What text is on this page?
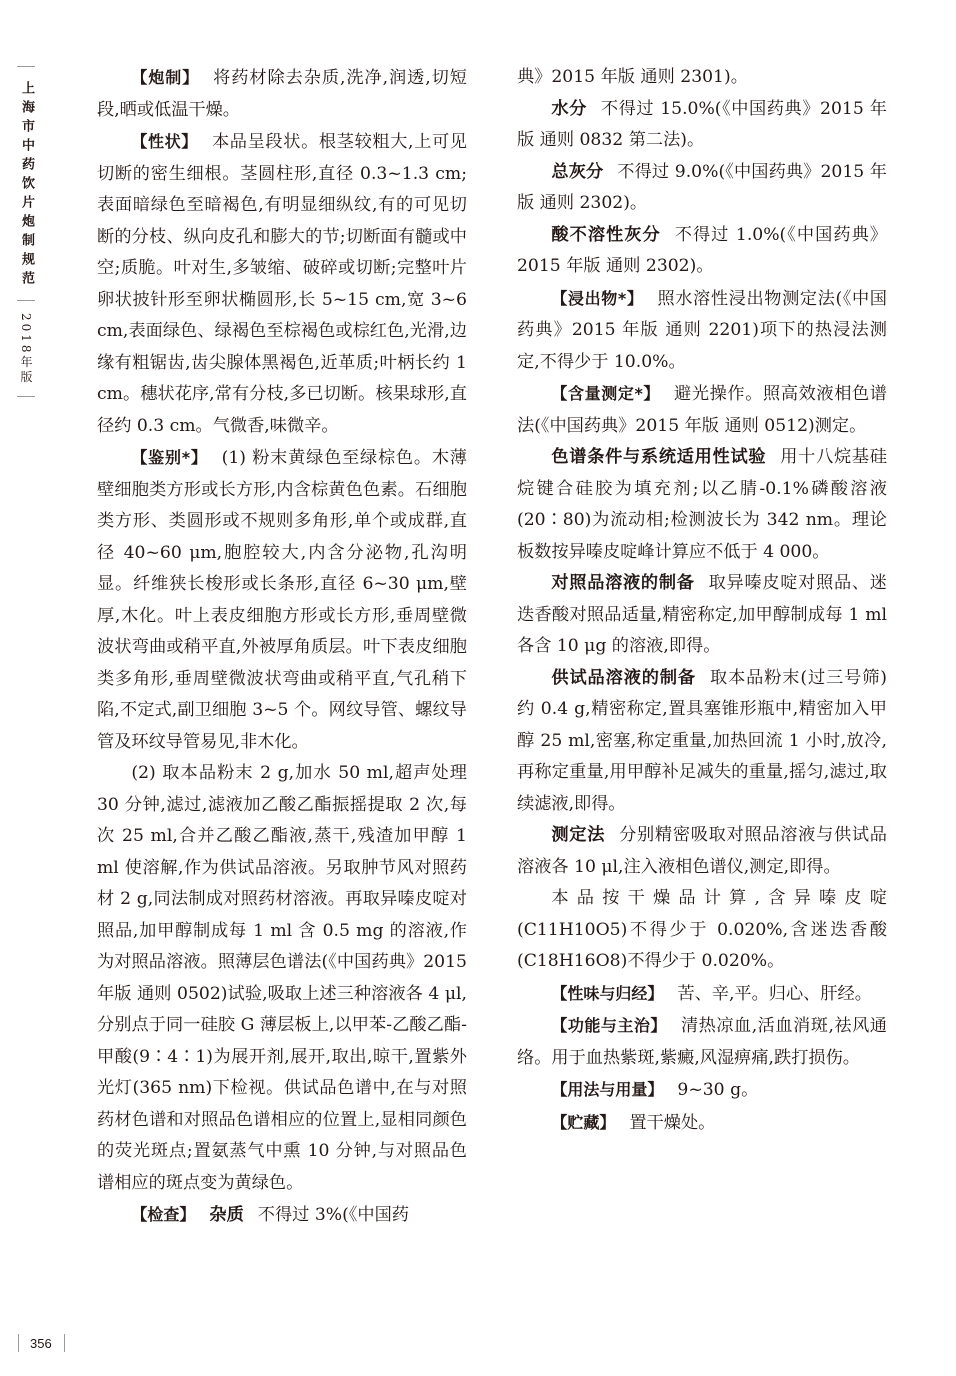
上海市中药饮片炮制规范
2018年版

【炮制】 将药材除去杂质,洗净,润透,切短段,晒或低温干燥。

【性状】 本品呈段状。根茎较粗大,上可见切断的密生细根。茎圆柱形,直径 0.3~1.3 cm;表面暗绿色至暗褐色,有明显细纵纹,有的可见切断的分枝、纵向皮孔和膨大的节;切断面有髓或中空;质脆。叶对生,多皱缩、破碎或切断;完整叶片卵状披针形至卵状椭圆形,长 5~15 cm,宽 3~6 cm,表面绿色、绿褐色至棕褐色或棕红色,光滑,边缘有粗锯齿,齿尖腺体黑褐色,近革质;叶柄长约 1 cm。穗状花序,常有分枝,多已切断。核果球形,直径约 0.3 cm。气微香,味微辛。

【鉴别*】 (1) 粉末黄绿色至绿棕色。木薄壁细胞类方形或长方形,内含棕黄色色素。石细胞类方形、类圆形或不规则多角形,单个或成群,直径 40~60 μm,胞腔较大,内含分泌物,孔沟明显。纤维狭长梭形或长条形,直径 6~30 μm,壁厚,木化。叶上表皮细胞方形或长方形,垂周壁微波状弯曲或稍平直,外被厚角质层。叶下表皮细胞类多角形,垂周壁微波状弯曲或稍平直,气孔稍下陷,不定式,副卫细胞 3~5 个。网纹导管、螺纹导管及环纹导管易见,非木化。

(2) 取本品粉末 2 g,加水 50 ml,超声处理 30 分钟,滤过,滤液加乙酸乙酯振摇提取 2 次,每次 25 ml,合并乙酸乙酯液,蒸干,残渣加甲醇 1 ml 使溶解,作为供试品溶液。另取肿节风对照药材 2 g,同法制成对照药材溶液。再取异嗪皮啶对照品,加甲醇制成每 1 ml 含 0.5 mg 的溶液,作为对照品溶液。照薄层色谱法(《中国药典》2015 年版 通则 0502)试验,吸取上述三种溶液各 4 μl,分别点于同一硅胶 G 薄层板上,以甲苯-乙酸乙酯-甲酸(9∶4∶1)为展开剂,展开,取出,晾干,置紫外光灯(365 nm)下检视。供试品色谱中,在与对照药材色谱和对照品色谱相应的位置上,显相同颜色的荧光斑点;置氨蒸气中熏 10 分钟,与对照品色谱相应的斑点变为黄绿色。

【检查】 杂质 不得过 3%(《中国药

典》2015 年版 通则 2301)。

水分 不得过 15.0%(《中国药典》2015 年版 通则 0832 第二法)。

总灰分 不得过 9.0%(《中国药典》2015 年版 通则 2302)。

酸不溶性灰分 不得过 1.0%(《中国药典》2015 年版 通则 2302)。

【浸出物*】 照水溶性浸出物测定法(《中国药典》2015 年版 通则 2201)项下的热浸法测定,不得少于 10.0%。

【含量测定*】 避光操作。照高效液相色谱法(《中国药典》2015 年版 通则 0512)测定。

色谱条件与系统适用性试验 用十八烷基硅烷键合硅胶为填充剂;以乙腈-0.1%磷酸溶液(20∶80)为流动相;检测波长为 342 nm。理论板数按异嗪皮啶峰计算应不低于 4 000。

对照品溶液的制备 取异嗪皮啶对照品、迷迭香酸对照品适量,精密称定,加甲醇制成每 1 ml 各含 10 μg 的溶液,即得。

供试品溶液的制备 取本品粉末(过三号筛)约 0.4 g,精密称定,置具塞锥形瓶中,精密加入甲醇 25 ml,密塞,称定重量,加热回流 1 小时,放冷,再称定重量,用甲醇补足减失的重量,摇匀,滤过,取续滤液,即得。

测定法 分别精密吸取对照品溶液与供试品溶液各 10 μl,注入液相色谱仪,测定,即得。

本品按干燥品计算,含异嗪皮啶(C11H10O5)不得少于 0.020%,含迷迭香酸(C18H16O8)不得少于 0.020%。

【性味与归经】 苦、辛,平。归心、肝经。

【功能与主治】 清热凉血,活血消斑,祛风通络。用于血热紫斑,紫癜,风湿痹痛,跌打损伤。

【用法与用量】 9~30 g。

【贮藏】 置干燥处。

356
